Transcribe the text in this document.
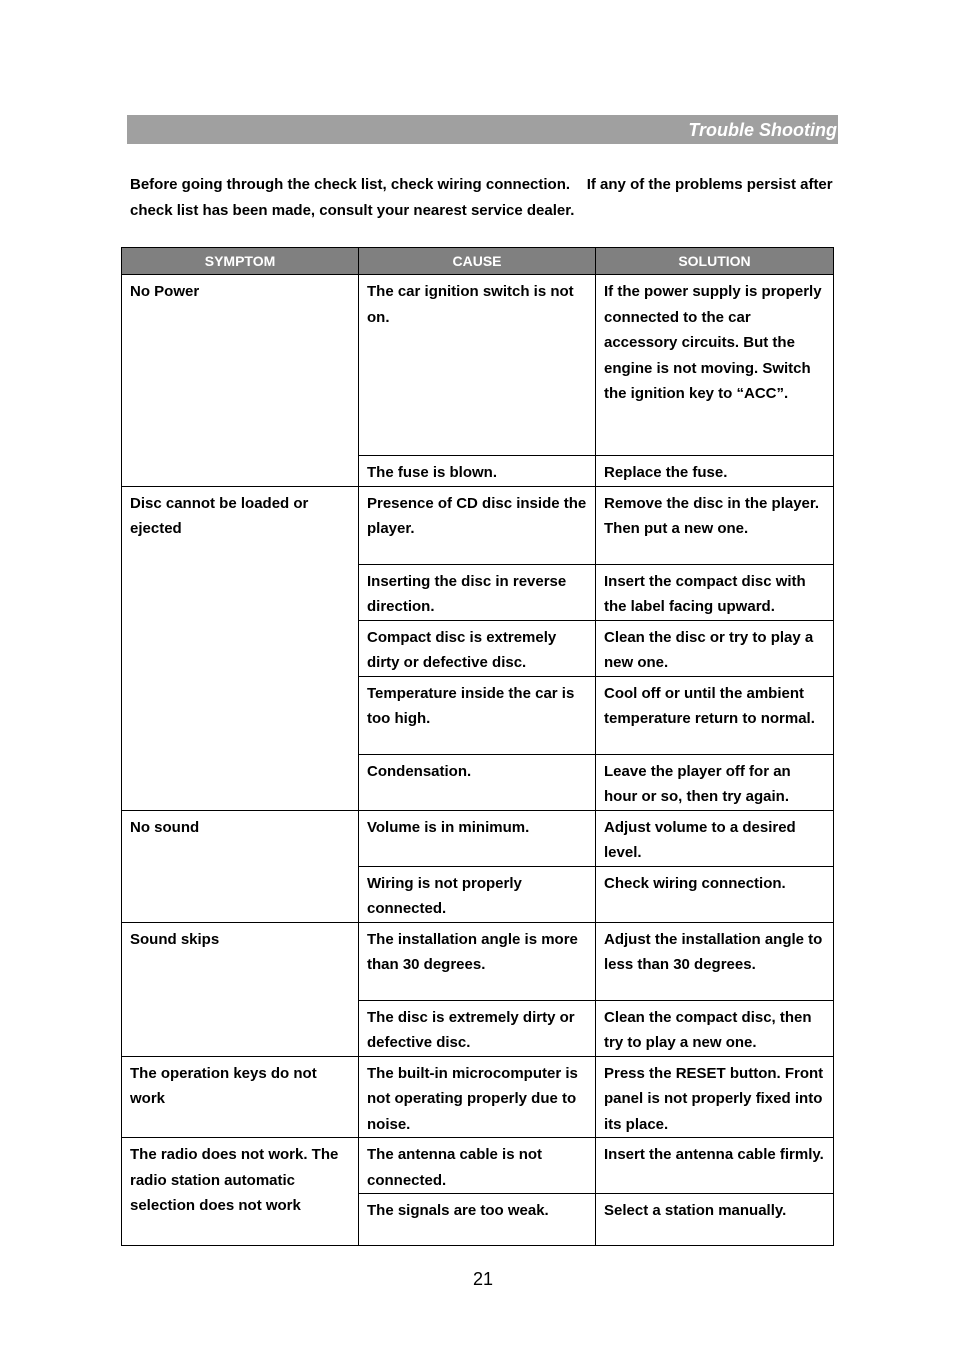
Trouble Shooting
Before going through the check list, check wiring connection.    If any of the problems persist after check list has been made, consult your nearest service dealer.
SYMPTOM	CAUSE	SOLUTION
No Power	The car ignition switch is not on.	If the power supply is properly connected to the car accessory circuits. But the engine is not moving. Switch the ignition key to “ACC”.
	The fuse is blown.	Replace the fuse.
Disc cannot be loaded or ejected	Presence of CD disc inside the player.	Remove the disc in the player. Then put a new one.
	Inserting the disc in reverse direction.	Insert the compact disc with the label facing upward.
	Compact disc is extremely dirty or defective disc.	Clean the disc or try to play a new one.
	Temperature inside the car is too high.	Cool off or until the ambient temperature return to normal.
	Condensation.	Leave the player off for an hour or so, then try again.
No sound	Volume is in minimum.	Adjust volume to a desired level.
	Wiring is not properly connected.	Check wiring connection.
Sound skips	The installation angle is more than 30 degrees.	Adjust the installation angle to less than 30 degrees.
	The disc is extremely dirty or defective disc.	Clean the compact disc, then try to play a new one.
The operation keys do not work	The built-in microcomputer is not operating properly due to noise.	Press the RESET button. Front panel is not properly fixed into its place.
The radio does not work. The radio station automatic selection does not work	The antenna cable is not connected.	Insert the antenna cable firmly.
	The signals are too weak.	Select a station manually.
21
